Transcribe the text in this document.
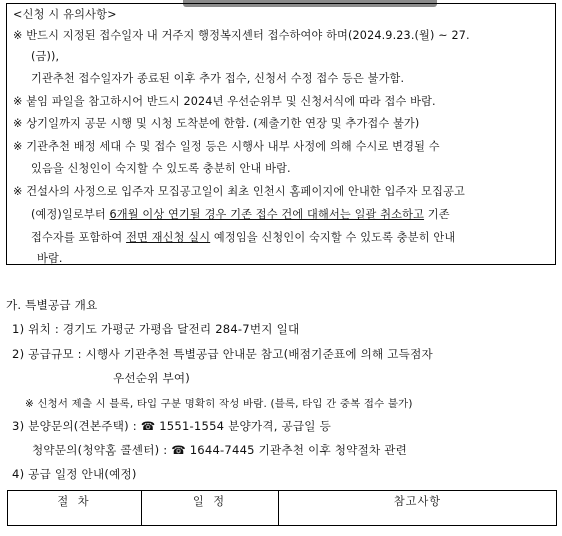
<신청 시 유의사항>
※ 반드시 지정된 접수일자 내 거주지 행정복지센터 접수하여야 하며(2024.9.23.(월) ~ 27.
(금)),
기관추천 접수일자가 종료된 이후 추가 접수, 신청서 수정 접수 등은 불가함.
※ 붙임 파일을 참고하시어 반드시 2024년 우선순위부 및 신청서식에 따라 접수 바람.
※ 상기일까지 공문 시행 및 시청 도착분에 한함. (제출기한 연장 및 추가접수 불가)
※ 기관추천 배정 세대 수 및 접수 일정 등은 시행사 내부 사정에 의해 수시로 변경될 수
있음을 신청인이 숙지할 수 있도록 충분히 안내 바람.
※ 건설사의 사정으로 입주자 모집공고일이 최초 인천시 홈페이지에 안내한 입주자 모집공고
(예정)일로부터 6개월 이상 연기될 경우 기존 접수 건에 대해서는 일괄 취소하고 기존
접수자를 포함하여 전면 재신청 실시 예정임을 신청인이 숙지할 수 있도록 충분히 안내
바람.
가. 특별공급 개요
1) 위치 : 경기도 가평군 가평읍 달전리 284-7번지 일대
2) 공급규모 : 시행사 기관추천 특별공급 안내문 참고(배점기준표에 의해 고득점자
우선순위 부여)
※ 신청서 제출 시 블록, 타입 구분 명확히 작성 바람. (블록, 타입 간 중복 접수 불가)
3) 분양문의(견본주택) : ☎ 1551-1554 분양가격, 공급일 등
청약문의(청약홈 콜센터) : ☎ 1644-7445 기관추천 이후 청약절차 관련
4) 공급 일정 안내(예정)
절 차	일 정	참고사항
